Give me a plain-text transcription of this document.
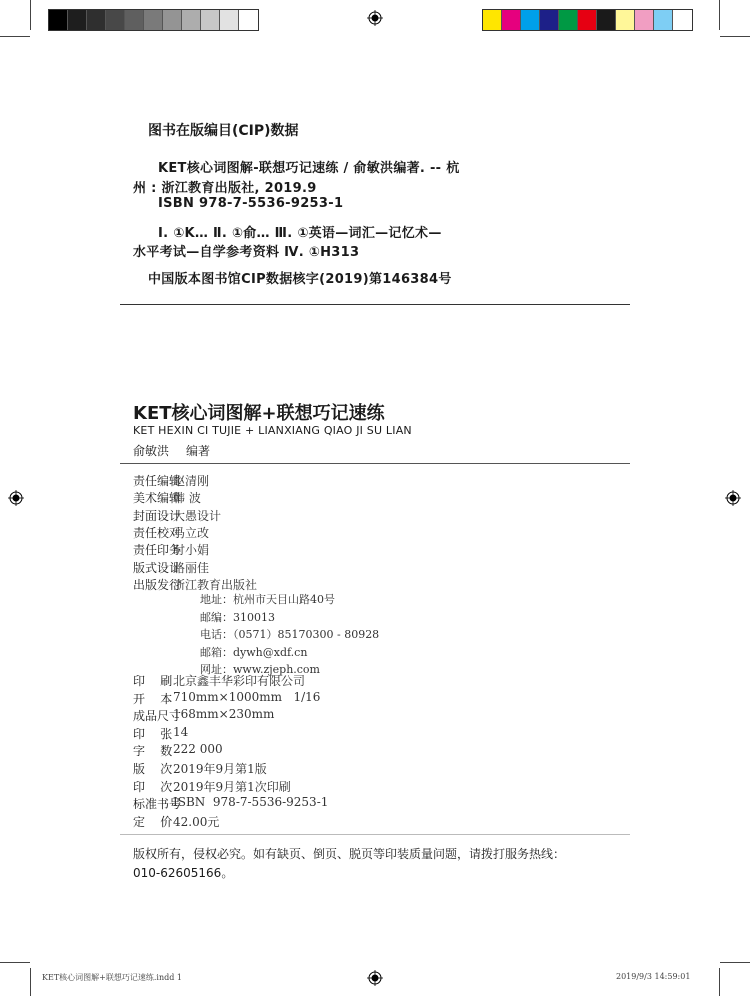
图书在版编目(CIP)数据
KET核心词图解-联想巧记速练 / 俞敏洪编著. -- 杭
州 : 浙江教育出版社, 2019.9
ISBN 978-7-5536-9253-1
Ⅰ. ①K… Ⅱ. ①俞… Ⅲ. ①英语—词汇—记忆术—
水平考试—自学参考资料 Ⅳ. ①H313
中国版本图书馆CIP数据核字(2019)第146384号
KET核心词图解+联想巧记速练
KET HEXIN CI TUJIE + LIANXIANG QIAO JI SU LIAN
俞敏洪 编著
责任编辑
赵清刚
美术编辑
韩 波
封面设计
大愚设计
责任校对
马立改
责任印务
时小娟
版式设计
路丽佳
出版发行
浙江教育出版社
地址：杭州市天目山路40号
邮编：310013
电话：（0571）85170300 - 80928
邮箱：dywh@xdf.cn
网址：www.zjeph.com
印    刷 北京鑫丰华彩印有限公司
开    本 710mm×1000mm   1/16
成品尺寸
168mm×230mm
印    张 14
字    数 222 000
版    次 2019年9月第1版
印    次 2019年9月第1次印刷
标准书号
ISBN  978-7-5536-9253-1
定    价 42.00元
版权所有，侵权必究。如有缺页、倒页、脱页等印装质量问题，请拨打服务热线：
010-62605166。
KET核心词图解+联想巧记速练.indd 1	2019/9/3 14:59:01
